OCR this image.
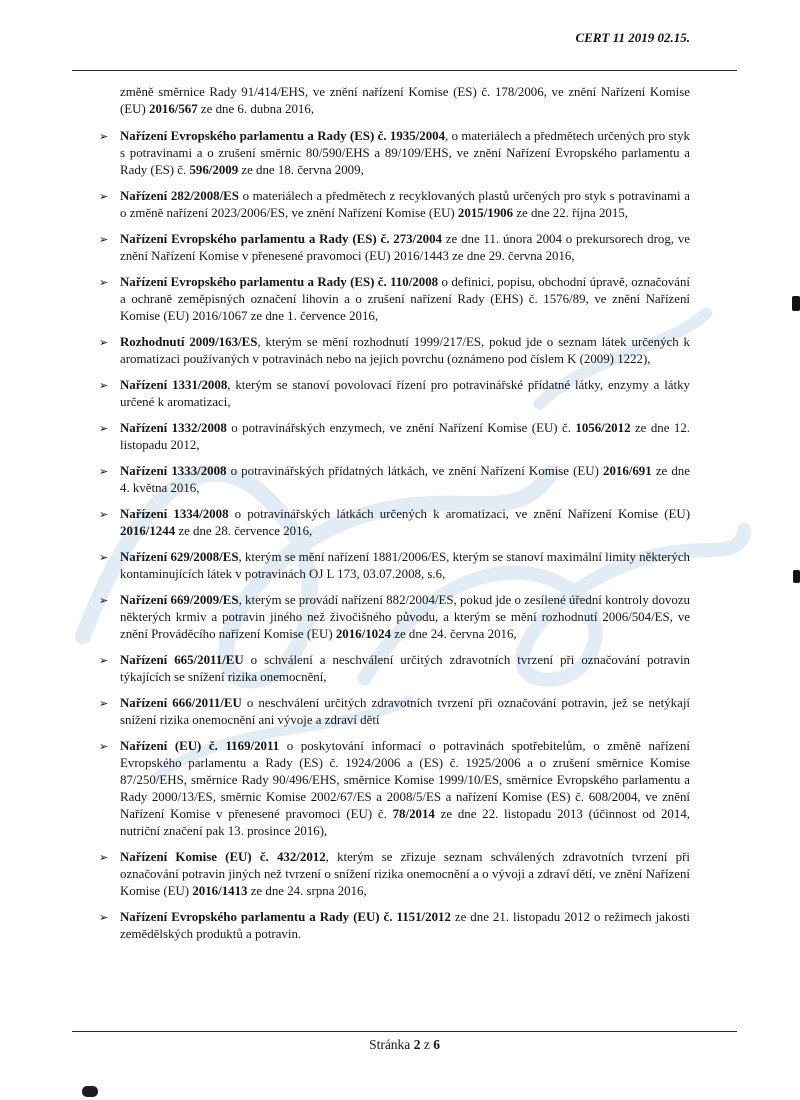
CERT 11 2019 02.15.

změně směrnice Rady 91/414/EHS, ve znění nařízení Komise (ES) č. 178/2006, ve znění Nařízení Komise (EU) 2016/567 ze dne 6. dubna 2016,

➢ Nařízení Evropského parlamentu a Rady (ES) č. 1935/2004, o materiálech a předmětech určených pro styk s potravinami a o zrušení směrnic 80/590/EHS a 89/109/EHS, ve znění Nařízení Evropského parlamentu a Rady (ES) č. 596/2009 ze dne 18. června 2009,
➢ Nařízení 282/2008/ES o materiálech a předmětech z recyklovaných plastů určených pro styk s potravinami a o změně nařízení 2023/2006/ES, ve znění Nařízení Komise (EU) 2015/1906 ze dne 22. října 2015,
➢ Nařízení Evropského parlamentu a Rady (ES) č. 273/2004 ze dne 11. února 2004 o prekursorech drog, ve znění Nařízení Komise v přenesené pravomoci (EU) 2016/1443 ze dne 29. června 2016,
➢ Nařízení Evropského parlamentu a Rady (ES) č. 110/2008 o definici, popisu, obchodní úpravě, označování a ochraně zeměpisných označení lihovin a o zrušení nařízení Rady (EHS) č. 1576/89, ve znění Nařízení Komise (EU) 2016/1067 ze dne 1. července 2016,
➢ Rozhodnutí 2009/163/ES, kterým se mění rozhodnutí 1999/217/ES, pokud jde o seznam látek určených k aromatizaci používaných v potravinách nebo na jejich povrchu (oznámeno pod číslem K (2009) 1222),
➢ Nařízení 1331/2008, kterým se stanoví povolovací řízení pro potravinářské přídatné látky, enzymy a látky určené k aromatizaci,
➢ Nařízení 1332/2008 o potravinářských enzymech, ve znění Nařízení Komise (EU) č. 1056/2012 ze dne 12. listopadu 2012,
➢ Nařízení 1333/2008 o potravinářských přídatných látkách, ve znění Nařízení Komise (EU) 2016/691 ze dne 4. května 2016,
➢ Nařízení 1334/2008 o potravinářských látkách určených k aromatizaci, ve znění Nařízení Komise (EU) 2016/1244 ze dne 28. července 2016,
➢ Nařízení 629/2008/ES, kterým se mění nařízení 1881/2006/ES, kterým se stanoví maximální limity některých kontaminujících látek v potravinách OJ L 173, 03.07.2008, s.6,
➢ Nařízení 669/2009/ES, kterým se provádí nařízení 882/2004/ES, pokud jde o zesílené úřední kontroly dovozu některých krmiv a potravin jiného než živočišného původu, a kterým se mění rozhodnutí 2006/504/ES, ve znění Prováděcího nařízení Komise (EU) 2016/1024 ze dne 24. června 2016,
➢ Nařízení 665/2011/EU o schválení a neschválení určitých zdravotních tvrzení při označování potravin týkajících se snížení rizika onemocnění,
➢ Nařízení 666/2011/EU o neschválení určitých zdravotních tvrzení při označování potravin, jež se netýkají snížení rizika onemocnění ani vývoje a zdraví dětí
➢ Nařízení (EU) č. 1169/2011 o poskytování informací o potravinách spotřebitelům, o změně nařízení Evropského parlamentu a Rady (ES) č. 1924/2006 a (ES) č. 1925/2006 a o zrušení směrnice Komise 87/250/EHS, směrnice Rady 90/496/EHS, směrnice Komise 1999/10/ES, směrnice Evropského parlamentu a Rady 2000/13/ES, směrnic Komise 2002/67/ES a 2008/5/ES a nařízení Komise (ES) č. 608/2004, ve znění Nařízení Komise v přenesené pravomoci (EU) č. 78/2014 ze dne 22. listopadu 2013 (účinnost od 2014, nutriční značení pak 13. prosince 2016),
➢ Nařízení Komise (EU) č. 432/2012, kterým se zřizuje seznam schválených zdravotních tvrzení při označování potravin jiných než tvrzení o snížení rizika onemocnění a o vývoji a zdraví dětí, ve znění Nařízení Komise (EU) 2016/1413 ze dne 24. srpna 2016,
➢ Nařízení Evropského parlamentu a Rady (EU) č. 1151/2012 ze dne 21. listopadu 2012 o režimech jakosti zemědělských produktů a potravin.
Stránka 2 z 6
